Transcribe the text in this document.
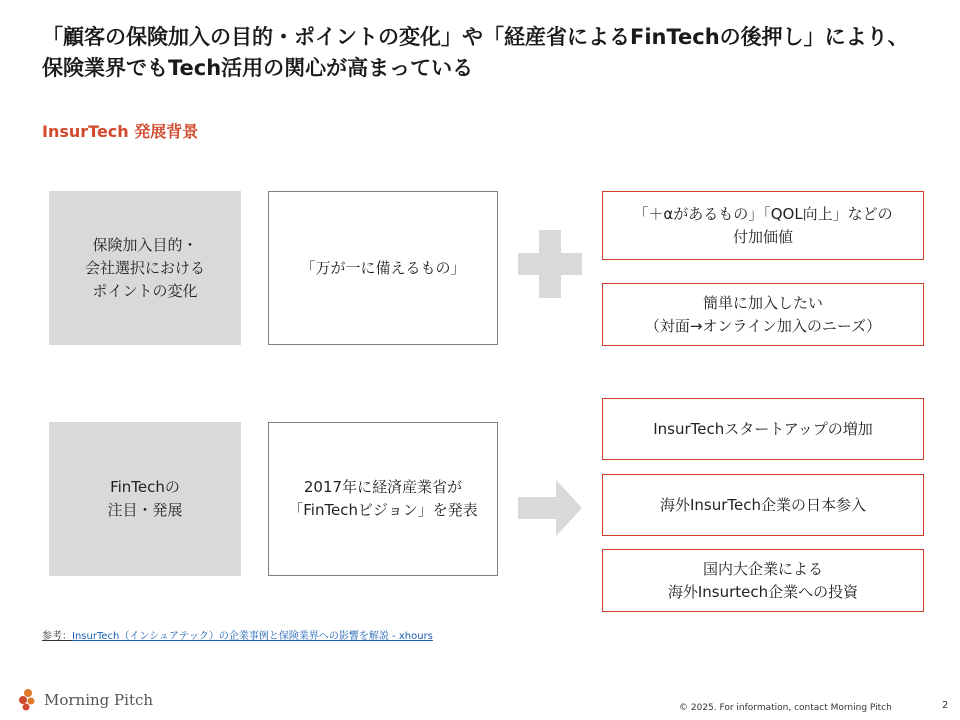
「顧客の保険加入の目的・ポイントの変化」や「経産省によるFinTechの後押し」により、
保険業界でもTech活用の関心が高まっている
InsurTech 発展背景
保険加入目的・
会社選択における
ポイントの変化
「万が一に備えるもの」
「＋αがあるもの」「QOL向上」などの
付加価値
簡単に加入したい
（対面→オンライン加入のニーズ）
FinTechの
注目・発展
2017年に経済産業省が
「FinTechビジョン」を発表
InsurTechスタートアップの増加
海外InsurTech企業の日本参入
国内大企業による
海外Insurtech企業への投資
参考：InsurTech（インシュアテック）の企業事例と保険業界への影響を解説 - xhours
Morning Pitch	© 2025. For information, contact Morning Pitch	2
